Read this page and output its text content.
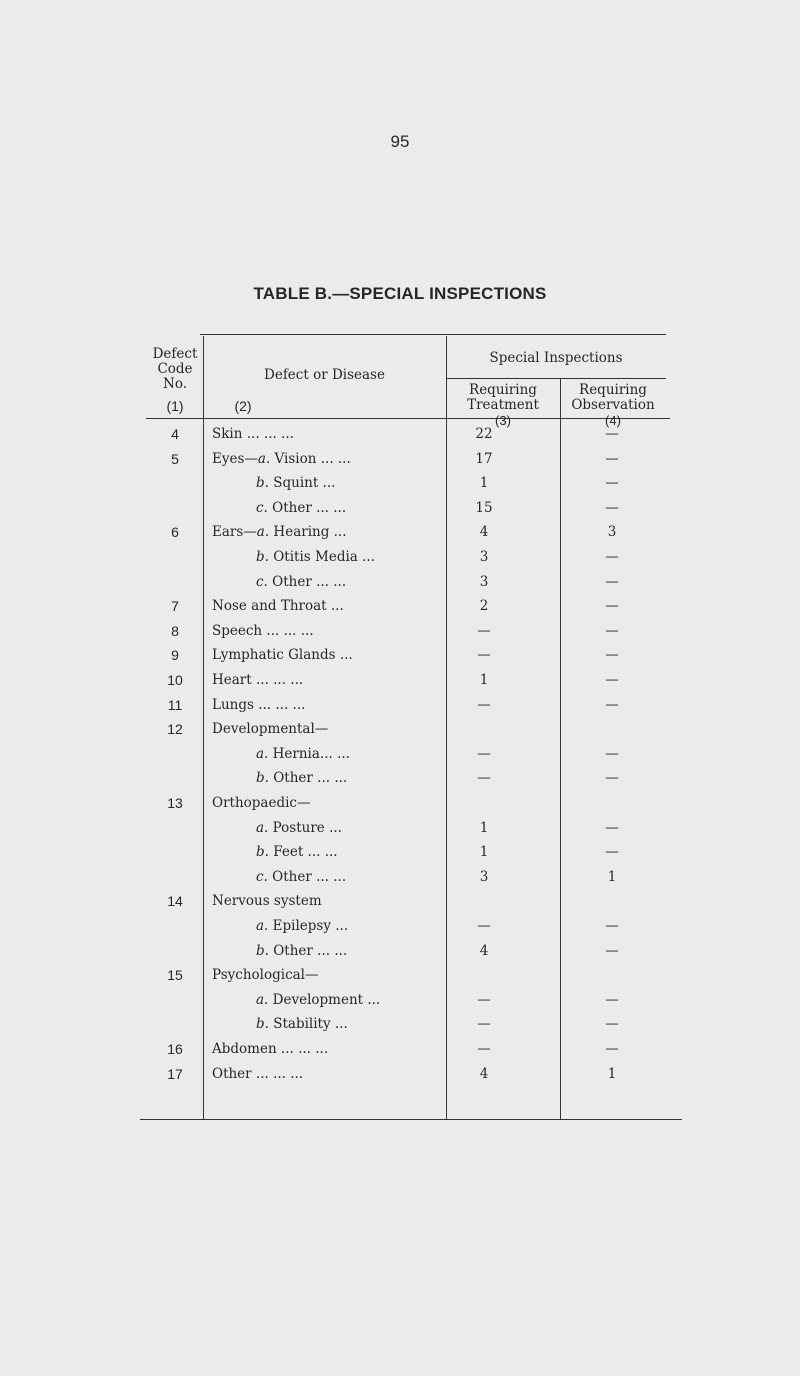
95
TABLE B.—SPECIAL INSPECTIONS
Defect
Code
No.
(1)
Defect or Disease
(2)
Special Inspections
Requiring
Treatment
(3)
Requiring
Observation
(4)
4	Skin ... ... ...	22	—
5	Eyes—a. Vision ... ...	17	—
b. Squint ...	1	—
c. Other ... ...	15	—
6	Ears—a. Hearing ...	4	3
b. Otitis Media ...	3	—
c. Other ... ...	3	—
7	Nose and Throat ...	2	—
8	Speech ... ... ...	—	—
9	Lymphatic Glands ...	—	—
10	Heart ... ... ...	1	—
11	Lungs ... ... ...	—	—
12	Developmental—
a. Hernia... ...	—	—
b. Other ... ...	—	—
13	Orthopaedic—
a. Posture ...	1	—
b. Feet ... ...	1	—
c. Other ... ...	3	1
14	Nervous system
a. Epilepsy ...	—	—
b. Other ... ...	4	—
15	Psychological—
a. Development ...	—	—
b. Stability ...	—	—
16	Abdomen ... ... ...	—	—
17	Other ... ... ...	4	1
